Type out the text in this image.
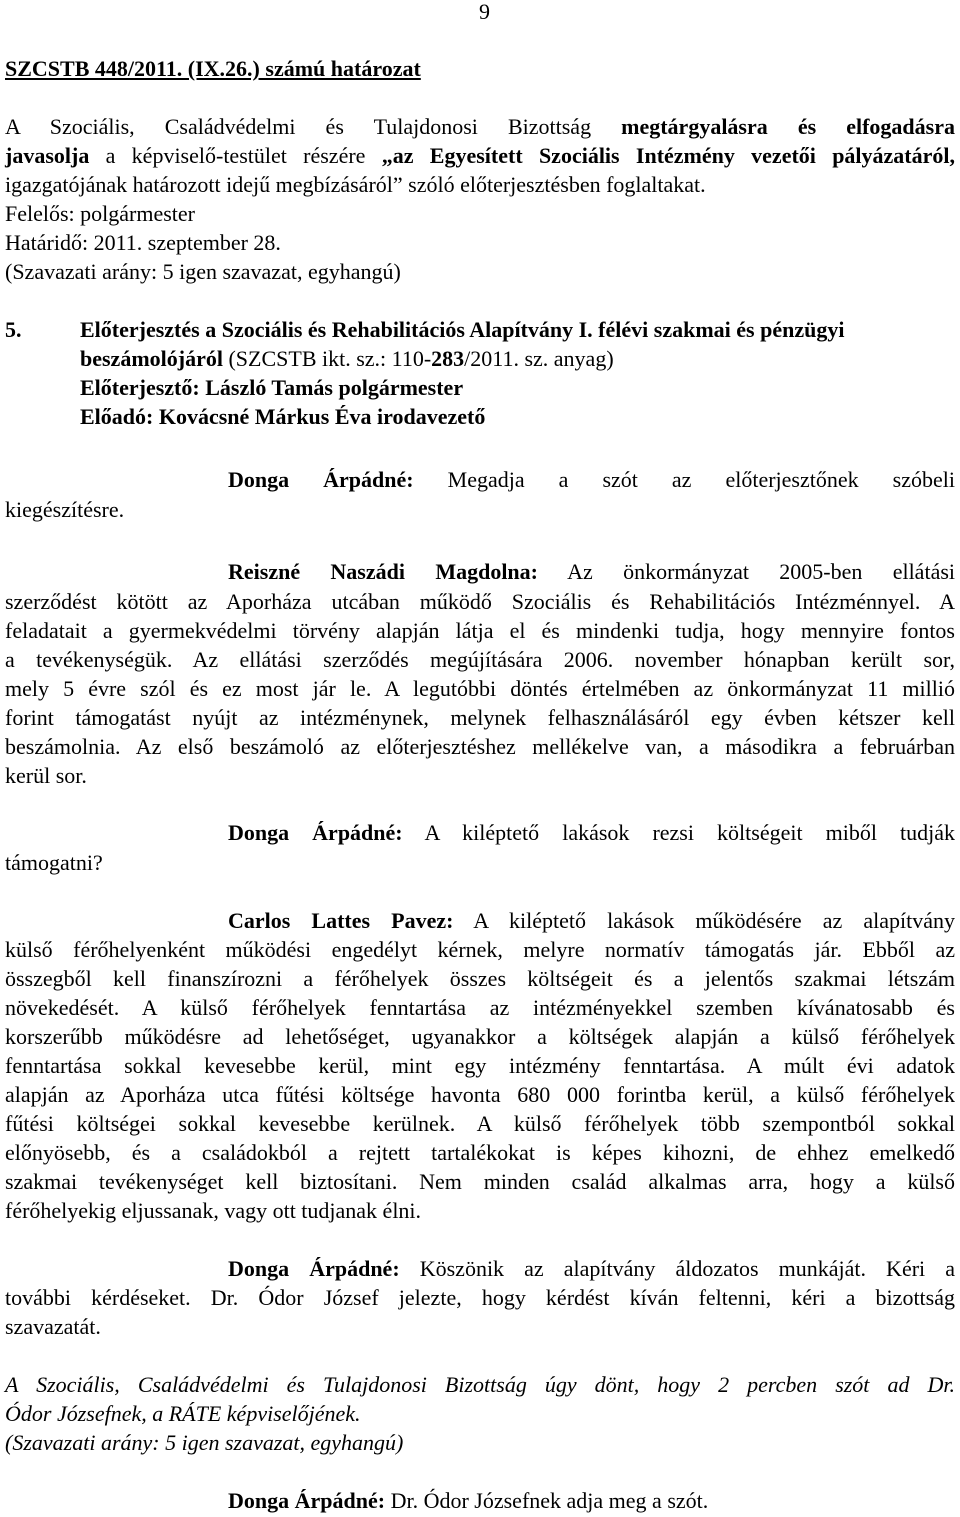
9
SZCSTB 448/2011. (IX.26.) számú határozat
A Szociális, Családvédelmi és Tulajdonosi Bizottság megtárgyalásra és elfogadásra
javasolja a képviselő-testület részére „az Egyesített Szociális Intézmény vezetői pályázatáról,
igazgatójának határozott idejű megbízásáról” szóló előterjesztésben foglaltakat.
Felelős: polgármester
Határidő: 2011. szeptember 28.
(Szavazati arány: 5 igen szavazat, egyhangú)
5.	Előterjesztés a Szociális és Rehabilitációs Alapítvány I. félévi szakmai és pénzügyi
beszámolójáról (SZCSTB ikt. sz.: 110-283/2011. sz. anyag)
Előterjesztő: László Tamás polgármester
Előadó: Kovácsné Márkus Éva irodavezető
Donga Árpádné: Megadja a szót az előterjesztőnek szóbeli
kiegészítésre.
Reiszné Naszádi Magdolna: Az önkormányzat 2005-ben ellátási
szerződést kötött az Aporháza utcában működő Szociális és Rehabilitációs Intézménnyel. A
feladatait a gyermekvédelmi törvény alapján látja el és mindenki tudja, hogy mennyire fontos
a tevékenységük. Az ellátási szerződés megújítására 2006. november hónapban került sor,
mely 5 évre szól és ez most jár le. A legutóbbi döntés értelmében az önkormányzat 11 millió
forint támogatást nyújt az intézménynek, melynek felhasználásáról egy évben kétszer kell
beszámolnia. Az első beszámoló az előterjesztéshez mellékelve van, a másodikra a februárban
kerül sor.
Donga Árpádné: A kiléptető lakások rezsi költségeit miből tudják
támogatni?
Carlos Lattes Pavez: A kiléptető lakások működésére az alapítvány
külső férőhelyenként működési engedélyt kérnek, melyre normatív támogatás jár. Ebből az
összegből kell finanszírozni a férőhelyek összes költségeit és a jelentős szakmai létszám
növekedését. A külső férőhelyek fenntartása az intézményekkel szemben kívánatosabb és
korszerűbb működésre ad lehetőséget, ugyanakkor a költségek alapján a külső férőhelyek
fenntartása sokkal kevesebbe kerül, mint egy intézmény fenntartása. A múlt évi adatok
alapján az Aporháza utca fűtési költsége havonta 680 000 forintba kerül, a külső férőhelyek
fűtési költségei sokkal kevesebbe kerülnek. A külső férőhelyek több szempontból sokkal
előnyösebb, és a családokból a rejtett tartalékokat is képes kihozni, de ehhez emelkedő
szakmai tevékenységet kell biztosítani. Nem minden család alkalmas arra, hogy a külső
férőhelyekig eljussanak, vagy ott tudjanak élni.
Donga Árpádné: Köszönik az alapítvány áldozatos munkáját. Kéri a
további kérdéseket. Dr. Ódor József jelezte, hogy kérdést kíván feltenni, kéri a bizottság
szavazatát.
A Szociális, Családvédelmi és Tulajdonosi Bizottság úgy dönt, hogy 2 percben szót ad Dr.
Ódor Józsefnek, a RÁTE képviselőjének.
(Szavazati arány: 5 igen szavazat, egyhangú)
Donga Árpádné: Dr. Ódor Józsefnek adja meg a szót.
